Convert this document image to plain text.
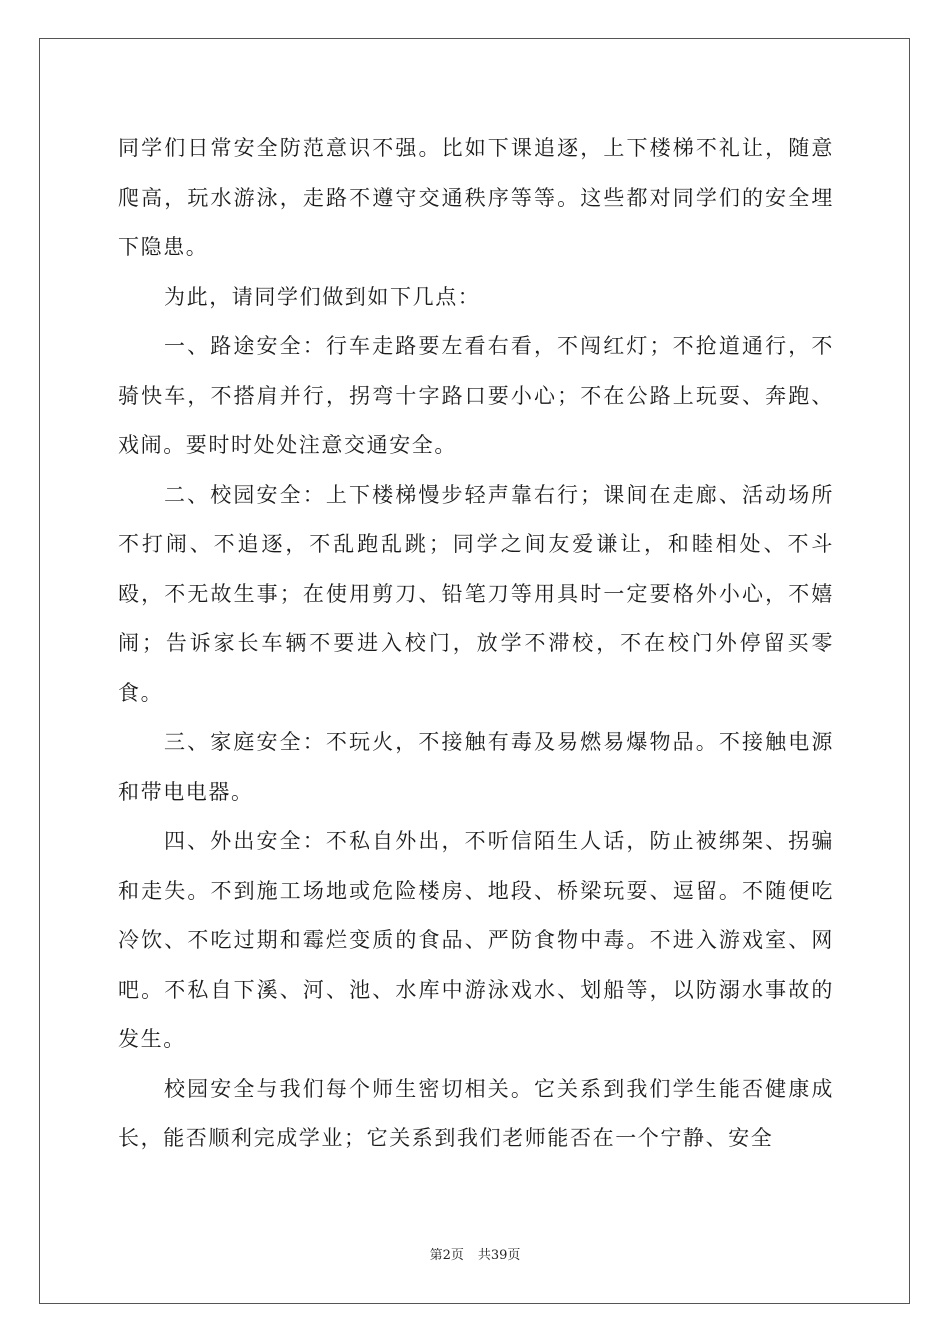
同学们日常安全防范意识不强。比如下课追逐，上下楼梯不礼让，随意爬高，玩水游泳，走路不遵守交通秩序等等。这些都对同学们的安全埋下隐患。

为此，请同学们做到如下几点：

一、路途安全：行车走路要左看右看，不闯红灯；不抢道通行，不骑快车，不搭肩并行，拐弯十字路口要小心；不在公路上玩耍、奔跑、戏闹。要时时处处注意交通安全。

二、校园安全：上下楼梯慢步轻声靠右行；课间在走廊、活动场所不打闹、不追逐，不乱跑乱跳；同学之间友爱谦让，和睦相处、不斗殴，不无故生事；在使用剪刀、铅笔刀等用具时一定要格外小心，不嬉闹；告诉家长车辆不要进入校门，放学不滞校，不在校门外停留买零食。

三、家庭安全：不玩火，不接触有毒及易燃易爆物品。不接触电源和带电电器。

四、外出安全：不私自外出，不听信陌生人话，防止被绑架、拐骗和走失。不到施工场地或危险楼房、地段、桥梁玩耍、逗留。不随便吃冷饮、不吃过期和霉烂变质的食品、严防食物中毒。不进入游戏室、网吧。不私自下溪、河、池、水库中游泳戏水、划船等，以防溺水事故的发生。

校园安全与我们每个师生密切相关。它关系到我们学生能否健康成长，能否顺利完成学业；它关系到我们老师能否在一个宁静、安全

第2页 共39页
